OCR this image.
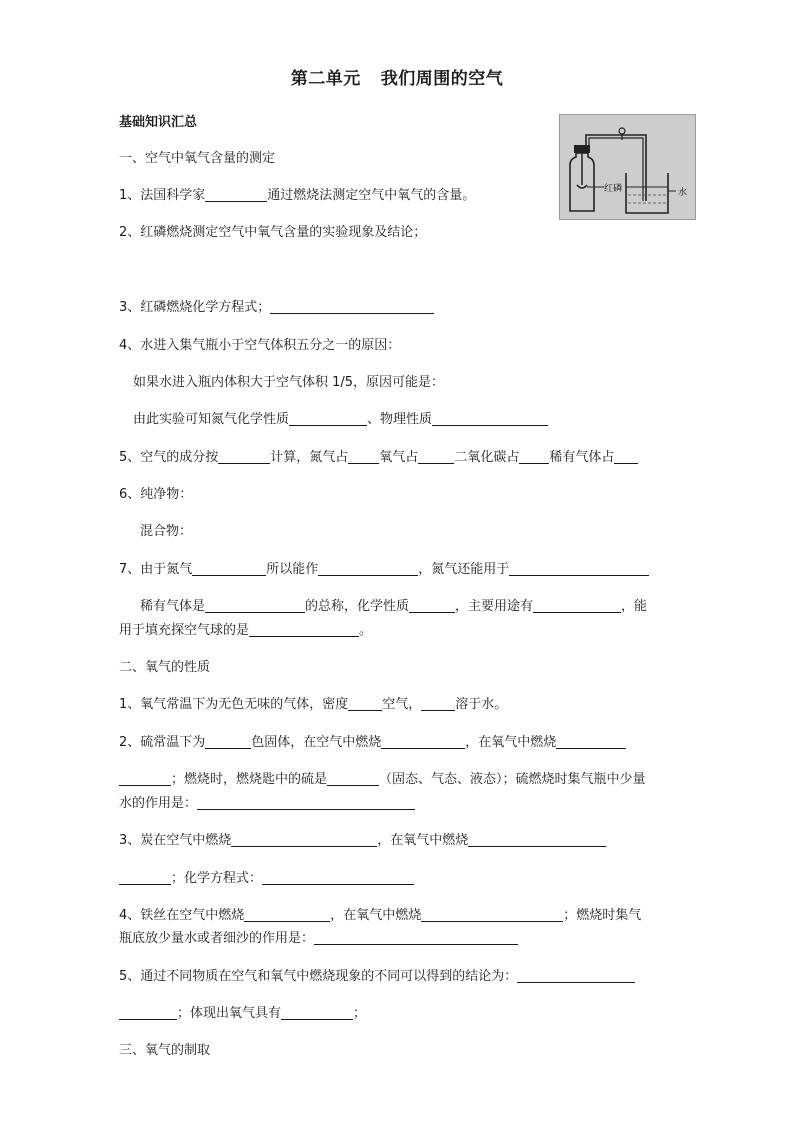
第二单元 我们周围的空气
红磷	水
基础知识汇总
一、空气中氧气含量的测定
1、法国科学家	通过燃烧法测定空气中氧气的含量。
2、红磷燃烧测定空气中氧气含量的实验现象及结论；
3、红磷燃烧化学方程式；
4、水进入集气瓶小于空气体积五分之一的原因：
如果水进入瓶内体积大于空气体积 1/5，原因可能是：
由此实验可知氮气化学性质	、物理性质
5、空气的成分按	计算，氮气占 氧气占	二氧化碳占 稀有气体占
6、纯净物：
混合物：
7、由于氮气	所以能作	，氮气还能用于
稀有气体是	的总称，化学性质	，主要用途有	，能
用于填充探空气球的是	。
二、氧气的性质
1、氧气常温下为无色无味的气体，密度	空气，	溶于水。
2、硫常温下为	色固体，在空气中燃烧	，在氧气中燃烧
；燃烧时，燃烧匙中的硫是	（固态、气态、液态）；硫燃烧时集气瓶中少量
水的作用是：
3、炭在空气中燃烧	，在氧气中燃烧
；化学方程式：
4、铁丝在空气中燃烧	，在氧气中燃烧	；燃烧时集气
瓶底放少量水或者细沙的作用是：
5、通过不同物质在空气和氧气中燃烧现象的不同可以得到的结论为：
；体现出氧气具有	；
三、氧气的制取
